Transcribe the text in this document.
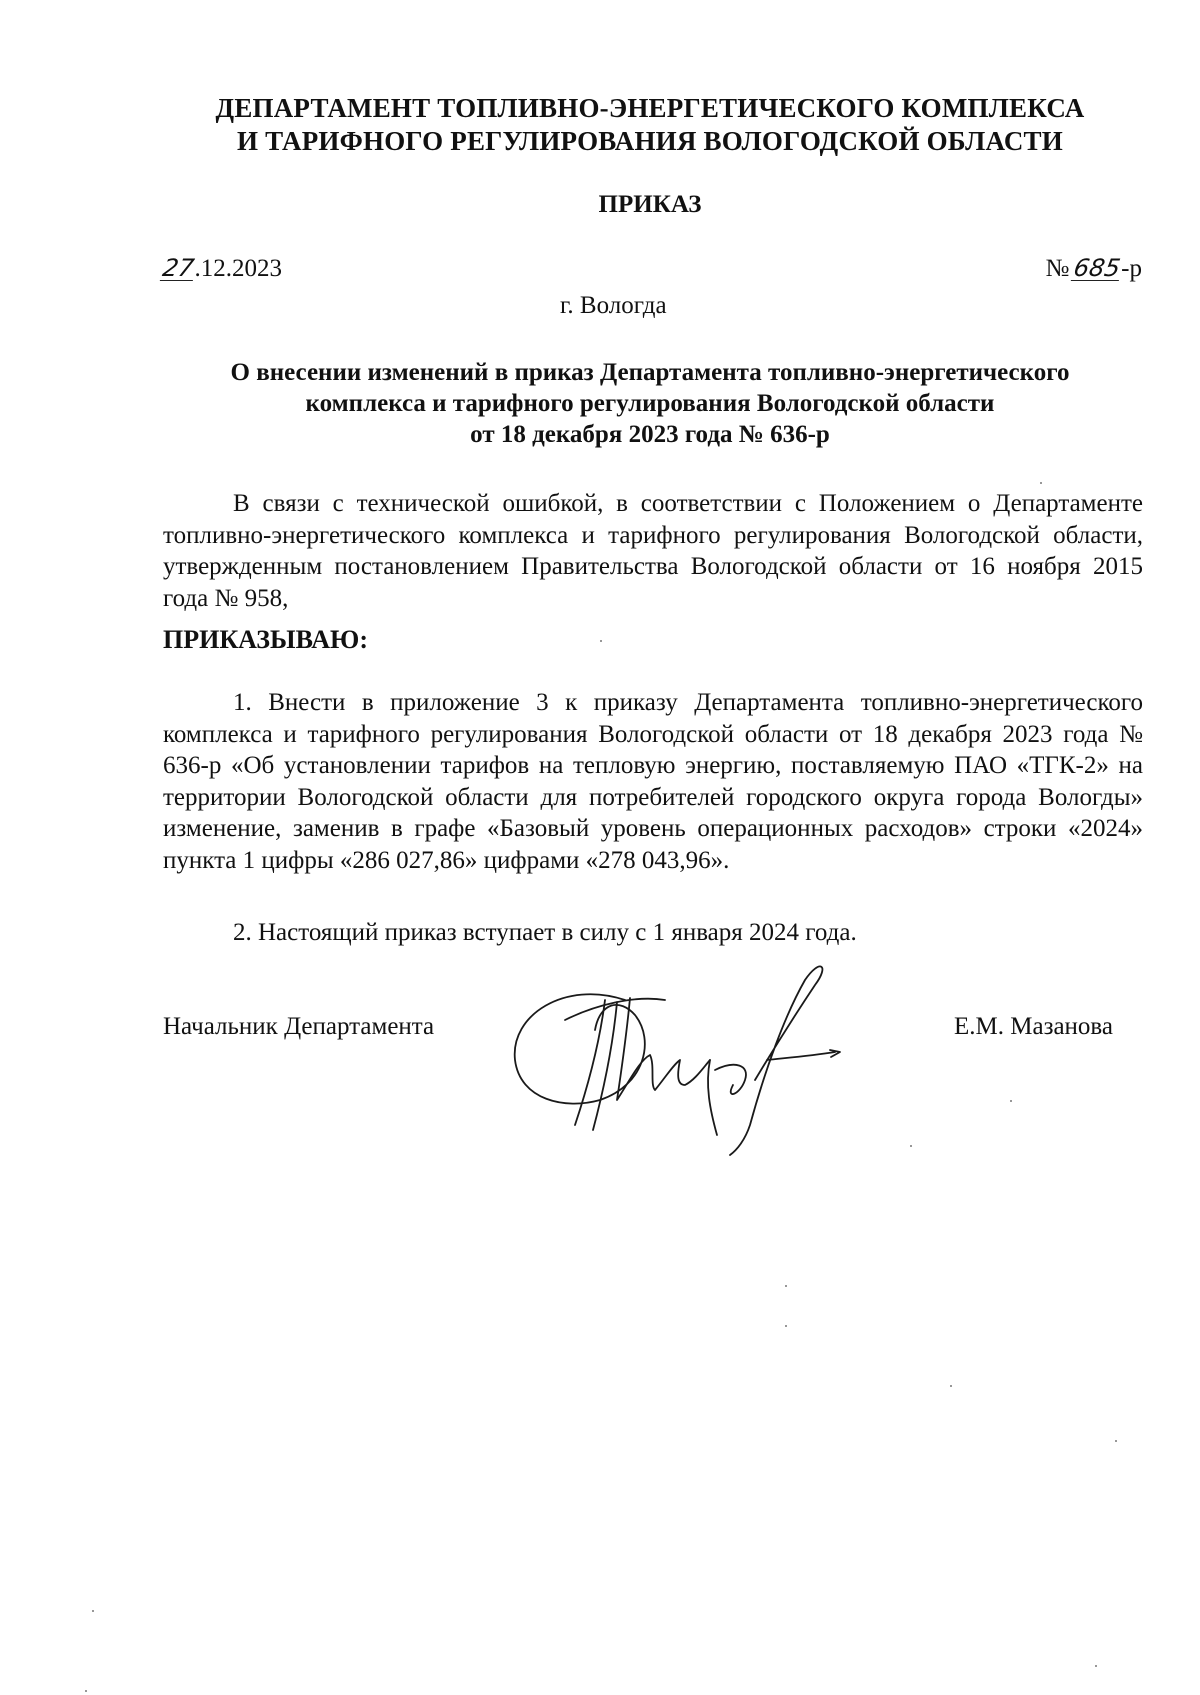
ДЕПАРТАМЕНТ ТОПЛИВНО-ЭНЕРГЕТИЧЕСКОГО КОМПЛЕКСА
И ТАРИФНОГО РЕГУЛИРОВАНИЯ ВОЛОГОДСКОЙ ОБЛАСТИ
ПРИКАЗ
27.12.2023	№ 685-р
г. Вологда
О внесении изменений в приказ Департамента топливно-энергетического
комплекса и тарифного регулирования Вологодской области
от 18 декабря 2023 года № 636-р
В связи с технической ошибкой, в соответствии с Положением о Департаменте топливно-энергетического комплекса и тарифного регулирования Вологодской области, утвержденным постановлением Правительства Вологодской области от 16 ноября 2015 года № 958,
ПРИКАЗЫВАЮ:
1. Внести в приложение 3 к приказу Департамента топливно-энергетического комплекса и тарифного регулирования Вологодской области от 18 декабря 2023 года № 636-р «Об установлении тарифов на тепловую энергию, поставляемую ПАО «ТГК-2» на территории Вологодской области для потребителей городского округа города Вологды» изменение, заменив в графе «Базовый уровень операционных расходов» строки «2024» пункта 1 цифры «286 027,86» цифрами «278 043,96».
2. Настоящий приказ вступает в силу с 1 января 2024 года.
Начальник Департамента	Е.М. Мазанова
